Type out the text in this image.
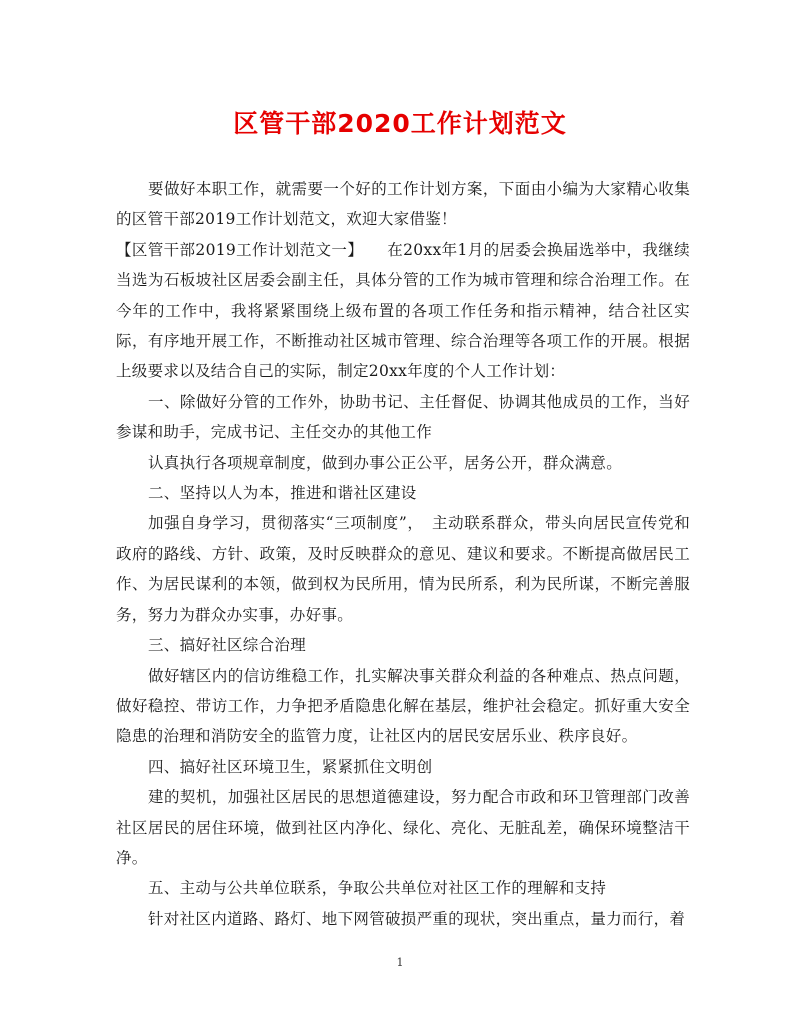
区管干部2020工作计划范文

要做好本职工作，就需要一个好的工作计划方案，下面由小编为大家精心收集的区管干部2019工作计划范文，欢迎大家借鉴！

【区管干部2019工作计划范文一】　　在20xx年1月的居委会换届选举中，我继续当选为石板坡社区居委会副主任，具体分管的工作为城市管理和综合治理工作。在今年的工作中，我将紧紧围绕上级布置的各项工作任务和指示精神，结合社区实际，有序地开展工作，不断推动社区城市管理、综合治理等各项工作的开展。根据上级要求以及结合自己的实际，制定20xx年度的个人工作计划：

一、除做好分管的工作外，协助书记、主任督促、协调其他成员的工作，当好参谋和助手，完成书记、主任交办的其他工作

认真执行各项规章制度，做到办事公正公平，居务公开，群众满意。

二、坚持以人为本，推进和谐社区建设

加强自身学习，贯彻落实“三项制度”，　主动联系群众，带头向居民宣传党和政府的路线、方针、政策，及时反映群众的意见、建议和要求。不断提高做居民工作、为居民谋利的本领，做到权为民所用，情为民所系，利为民所谋，不断完善服务，努力为群众办实事，办好事。

三、搞好社区综合治理

做好辖区内的信访维稳工作，扎实解决事关群众利益的各种难点、热点问题，做好稳控、带访工作，力争把矛盾隐患化解在基层，维护社会稳定。抓好重大安全隐患的治理和消防安全的监管力度，让社区内的居民安居乐业、秩序良好。

四、搞好社区环境卫生，紧紧抓住文明创

建的契机，加强社区居民的思想道德建设，努力配合市政和环卫管理部门改善社区居民的居住环境，做到社区内净化、绿化、亮化、无脏乱差，确保环境整洁干净。

五、主动与公共单位联系，争取公共单位对社区工作的理解和支持

针对社区内道路、路灯、地下网管破损严重的现状，突出重点，量力而行，着

1
